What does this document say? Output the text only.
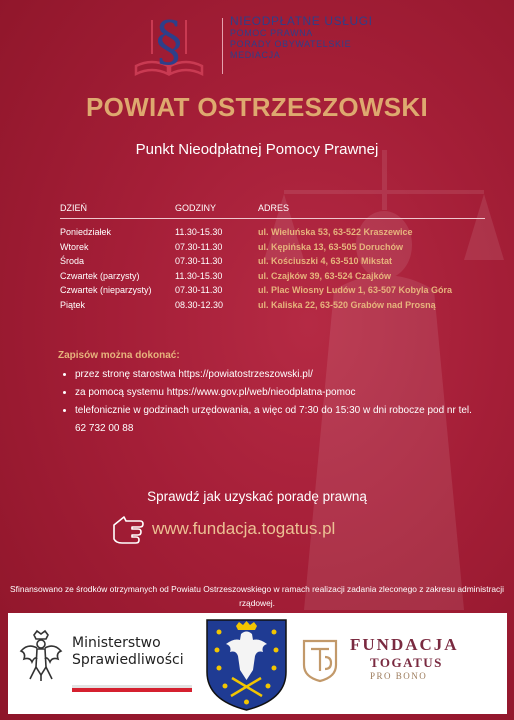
§	NIEODPŁATNE USŁUGI
POMOC PRAWNA
PORADY OBYWATELSKIE
MEDIACJA
POWIAT OSTRZESZOWSKI
Punkt Nieodpłatnej Pomocy Prawnej
DZIEŃ	GODZINY	ADRES
Poniedziałek	11.30-15.30	ul. Wieluńska 53, 63-522 Kraszewice
Wtorek	07.30-11.30	ul. Kępińska 13, 63-505 Doruchów
Środa	07.30-11.30	ul. Kościuszki 4, 63-510 Mikstat
Czwartek (parzysty)	11.30-15.30	ul. Czajków 39, 63-524 Czajków
Czwartek (nieparzysty)	07.30-11.30	ul. Plac Wiosny Ludów 1, 63-507 Kobyla Góra
Piątek	08.30-12.30	ul. Kaliska 22, 63-520 Grabów nad Prosną
Zapisów można dokonać:
• przez stronę starostwa https://powiatostrzeszowski.pl/
• za pomocą systemu https://www.gov.pl/web/nieodplatna-pomoc
• telefonicznie w godzinach urzędowania, a więc od 7:30 do 15:30 w dni robocze pod nr tel. 62 732 00 88
Sprawdź jak uzyskać poradę prawną
www.fundacja.togatus.pl
Sfinansowano ze środków otrzymanych od Powiatu Ostrzeszowskiego w ramach realizacji zadania zleconego z zakresu administracji rządowej.
Ministerstwo
Sprawiedliwości
FUNDACJA
TOGATUS
PRO BONO
